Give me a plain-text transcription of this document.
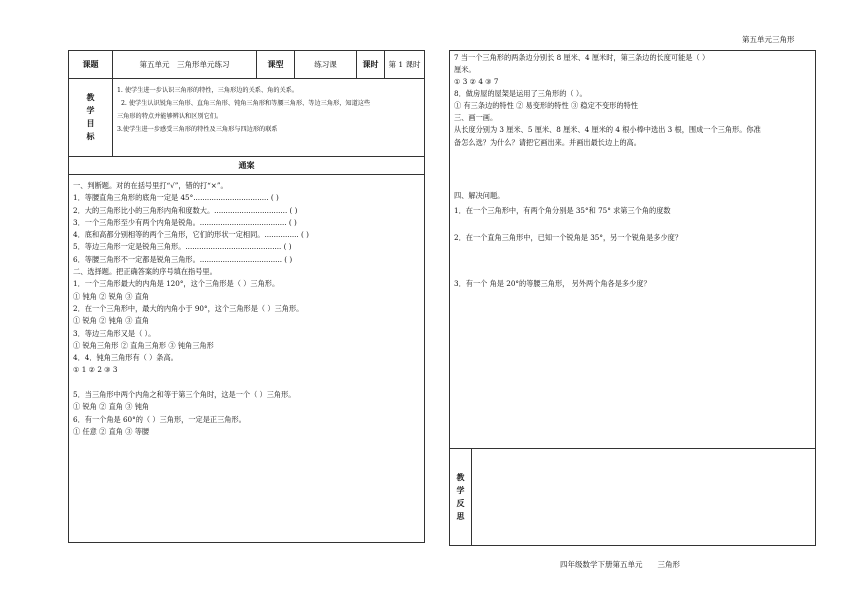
第五单元三角形
课题	第五单元　三角形单元练习	课型	练习课	课时	第 1 课时
教
学
目
标
1. 使学生进一步认识三角形的特性，三角形边的关系、角的关系。
2. 使学生认识锐角三角形、直角三角形、钝角三角形和等腰三角形、等边三角形，知道这些
三角形的特点并能够辨认和区别它们。
3.使学生进一步感受三角形的特性及三角形与四边形的联系
通案
一、判断题。对的在括号里打“√”，错的打“×”。
1．等腰直角三角形的底角一定是 45°................................. ( )
2．大的三角形比小的三角形内角和度数大。................................ ( )
3．一个三角形至少有两个内角是锐角。...................................... ( )
4．底和高都分别相等的两个三角形，它们的形状一定相同。............... ( )
5．等边三角形一定是锐角三角形。.......................................... ( )
6．等腰三角形不一定都是锐角三角形。.................................... ( )
二、选择题。把正确答案的序号填在指号里。
1．一个三角形最大的内角是 120°，这个三角形是（ ）三角形。
① 钝角 ② 锐角 ③ 直角
2．在一个三角形中，最大的内角小于 90°，这个三角形是（ ）三角形。
① 锐角 ② 钝角 ③ 直角
3．等边三角形又是（ ）。
① 锐角三角形 ② 直角三角形 ③ 钝角三角形
4．4．钝角三角形有（ ）条高。
① 1 ② 2 ③ 3
5．当三角形中两个内角之和等于第三个角时，这是一个（ ）三角形。
① 锐角 ② 直角 ③ 钝角
6．有一个角是 60°的（ ）三角形，一定是正三角形。
① 任意 ② 直角 ③ 等腰
7 当一个三角形的两条边分别长 8 厘米、4 厘米时，第三条边的长度可能是（ ）
厘米。
① 3 ② 4 ③ 7
8．做房屋的屋架是运用了三角形的（ ）。
① 有三条边的特性 ② 易变形的特性 ③ 稳定不变形的特性
三、画一画。
从长度分别为 3 厘米、5 厘米、8 厘米、4 厘米的 4 根小棒中选出 3 根，围成一个三角形。你准
备怎么选？为什么？请把它画出来。并画出最长边上的高。
四、解决问题。
1．在一个三角形中，有两个角分别是 35°和 75° 求第三个角的度数
2．在一个直角三角形中，已知一个锐角是 35°，另一个锐角是多少度？
3．有一个 角是 20°的等腰三角形， 另外两个角各是多少度？
教
学
反
思
四年级数学下册第五单元　　三角形
